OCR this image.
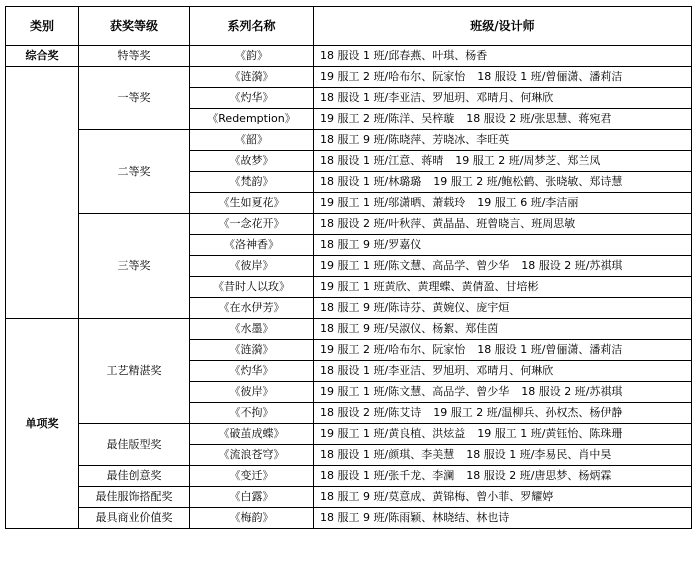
类别	获奖等级	系列名称	班级/设计师
综合奖	特等奖	《韵》	18 服设 1 班/邱春燕、叶琪、杨香
	一等奖	《涟漪》	19 服工 2 班/哈布尔、阮家怡 18 服设 1 班/曾俪潇、潘莉洁
		《灼华》	18 服设 1 班/李亚洁、罗旭玥、邓晴月、何琳欣
		《Redemption》	19 服工 2 班/陈洋、吴梓璇 18 服设 2 班/张思慧、蒋宛君
	二等奖	《韶》	18 服工 9 班/陈晓萍、芳晓冰、李旺英
		《故梦》	18 服设 1 班/江意、蒋晴 19 服工 2 班/周梦芝、郑兰凤
		《梵韵》	18 服设 1 班/林璐璐 19 服工 2 班/鲍松鹤、张晓敏、郑诗慧
		《生如夏花》	19 服工 1 班/邬潇晒、萧载玲 19 服工 6 班/李洁丽
	三等奖	《一念花开》	18 服设 2 班/叶秋萍、黄晶晶、班曾晓言、班周思敏
		《洛神香》	18 服工 9 班/罗嘉仪
		《彼岸》	19 服工 1 班/陈文慧、高品学、曾少华 18 服设 2 班/苏祺琪
		《昔时人以玫》	19 服工 1 班黄欣、黄理蝶、黄倩盈、甘培彬
		《在水伊芳》	18 服工 9 班/陈诗芬、黄婉仪、庞宇烜
单项奖	工艺精湛奖	《水墨》	18 服工 9 班/吴淑仪、杨絮、郑佳茵
		《涟漪》	19 服工 2 班/哈布尔、阮家怡 18 服设 1 班/曾俪潇、潘莉洁
		《灼华》	18 服设 1 班/李亚洁、罗旭玥、邓晴月、何琳欣
		《彼岸》	19 服工 1 班/陈文慧、高品学、曾少华 18 服设 2 班/苏祺琪
		《不拘》	18 服设 2 班/陈艾诗 19 服工 2 班/温柳兵、孙权杰、杨伊静
	最佳版型奖	《破茧成蝶》	19 服工 1 班/黄良植、洪炫益 19 服工 1 班/黄钰怡、陈珠珊
		《流浪苍穹》	18 服设 1 班/颜琪、李美慧 18 服设 1 班/李易民、肖中昊
	最佳创意奖	《变迁》	18 服设 1 班/张千龙、李澜 18 服设 2 班/唐思梦、杨炳霖
	最佳服饰搭配奖	《白露》	18 服工 9 班/莫意成、黄锦梅、曾小菲、罗耀婷
	最具商业价值奖	《梅韵》	18 服工 9 班/陈雨颖、林晓结、林也诗
